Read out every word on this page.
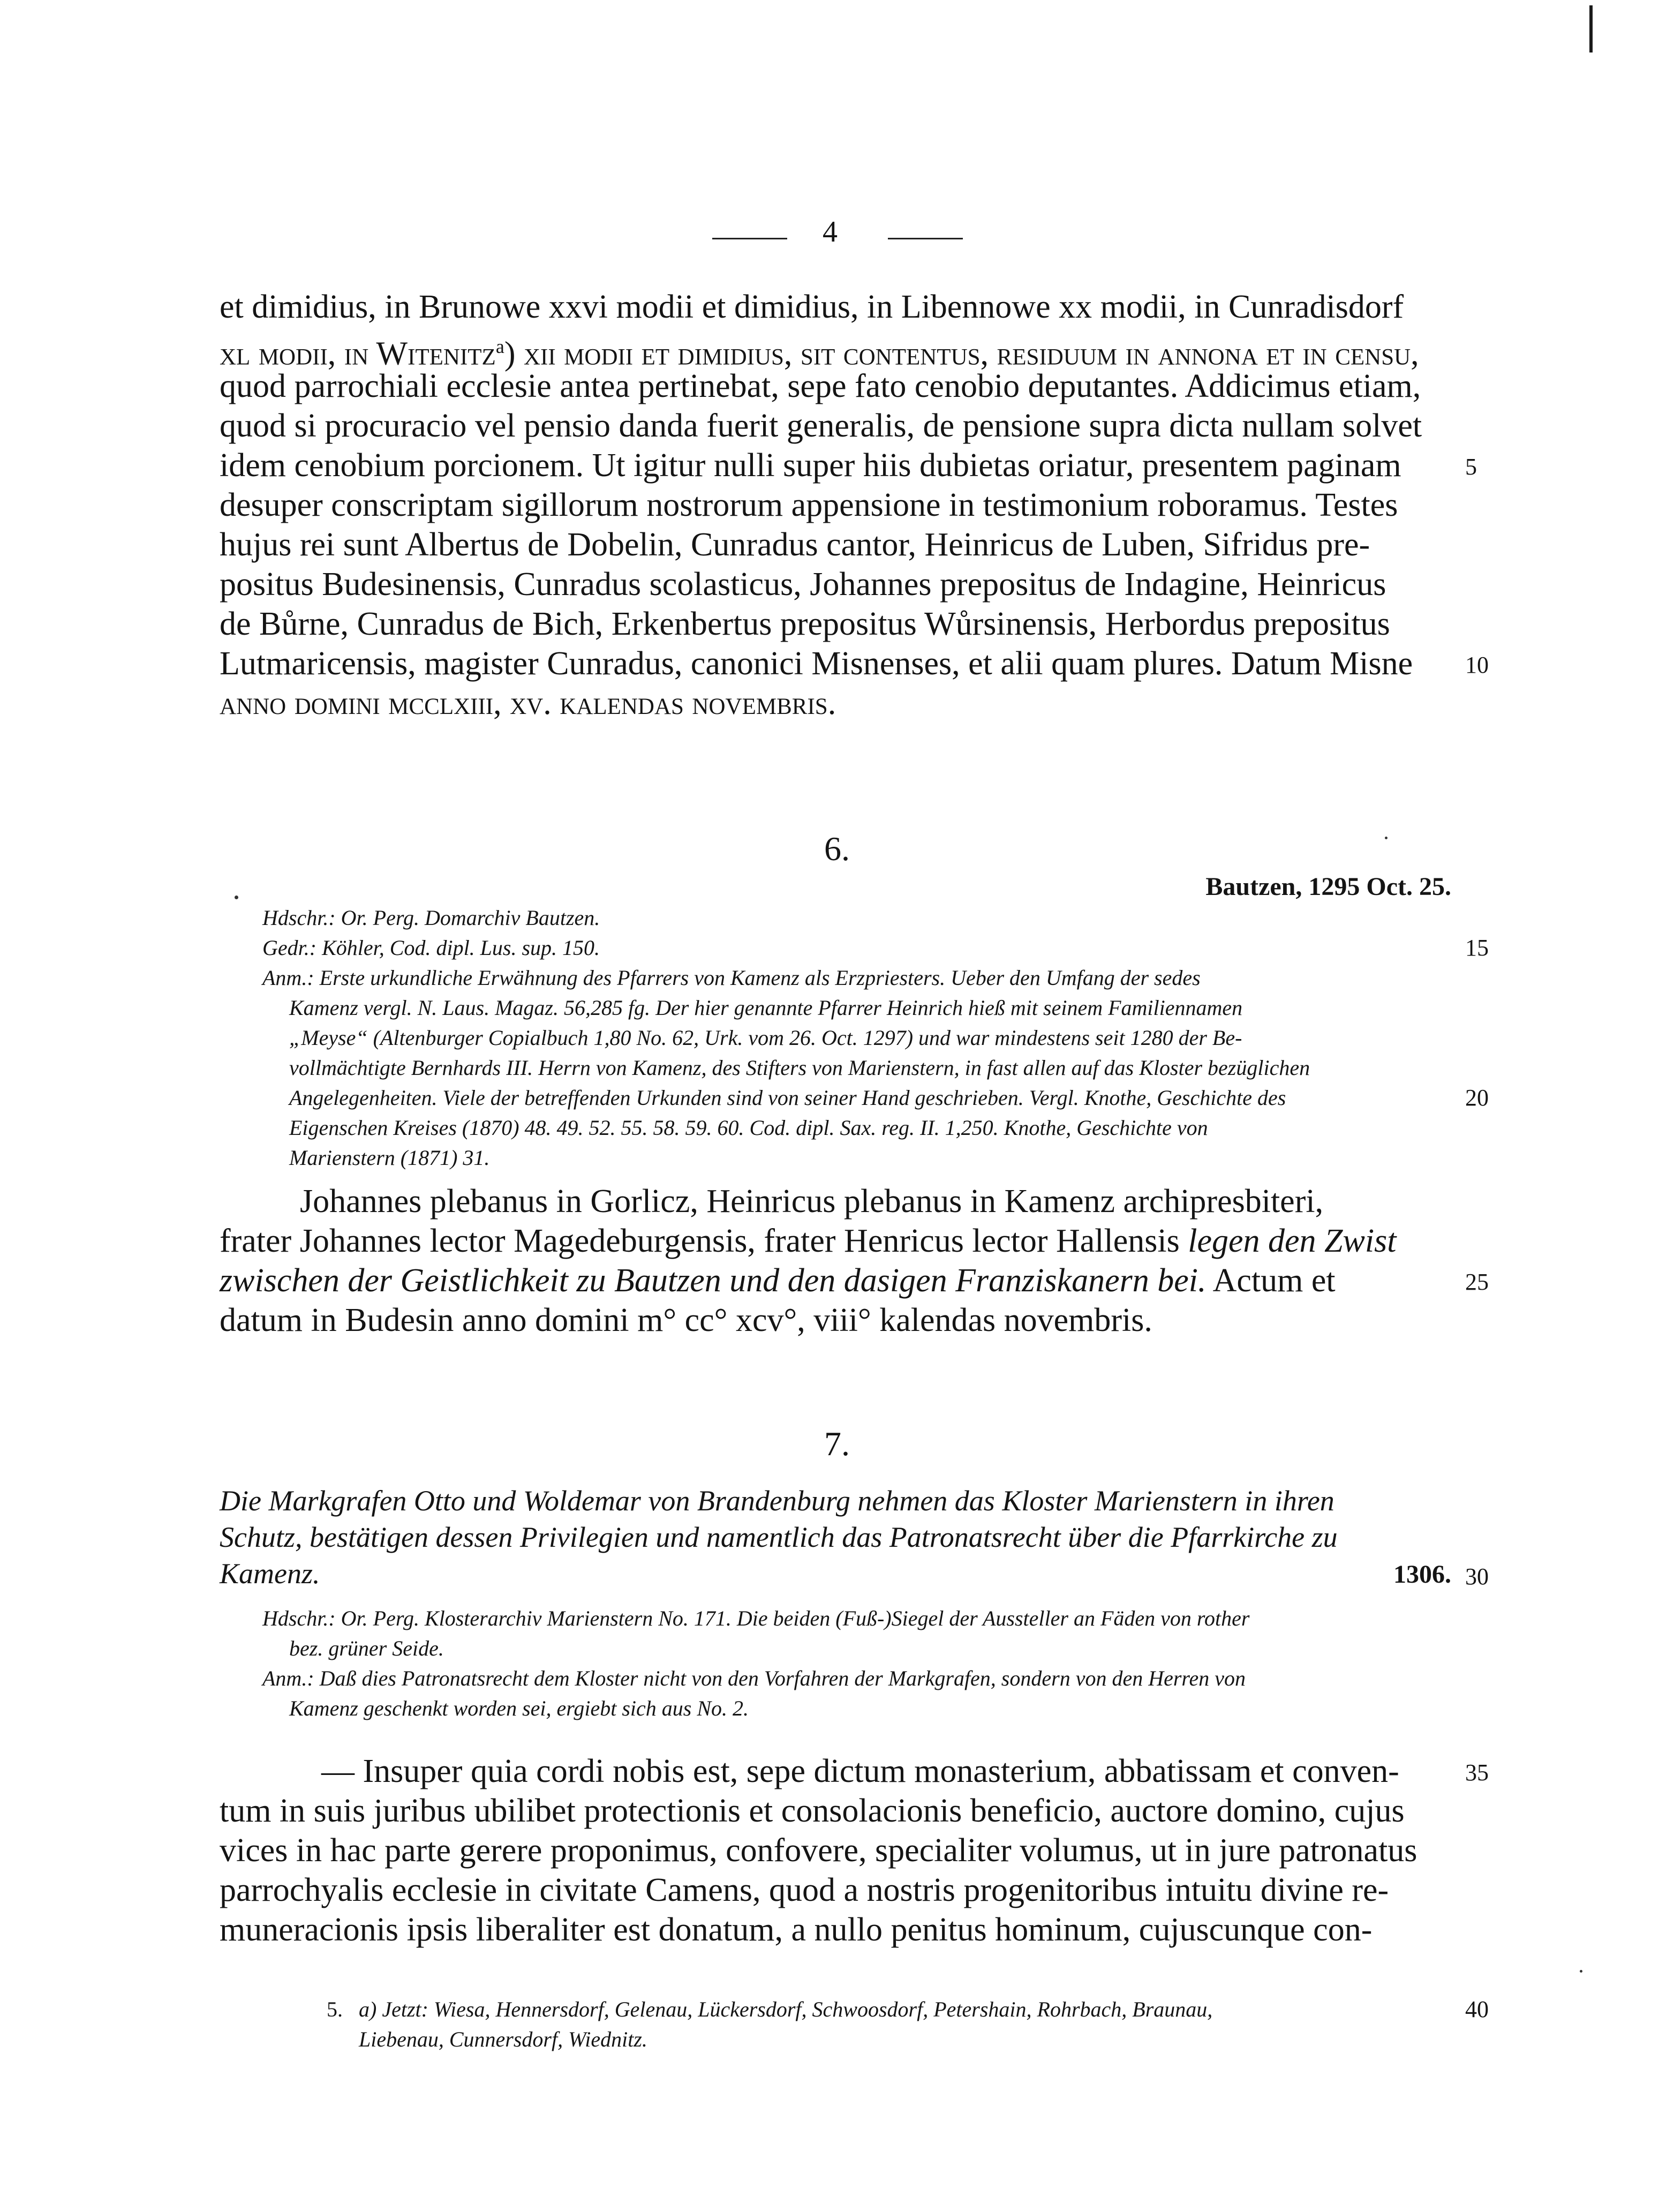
4
et dimidius, in Brunowe xxvi modii et dimidius, in Libennowe xx modii, in Cunradisdorf
xl modii, in Witenitz$^a$) xii modii et dimidius, sit contentus, residuum in annona et in censu,
quod parrochiali ecclesie antea pertinebat, sepe fato cenobio deputantes. Addicimus etiam,
quod si procuracio vel pensio danda fuerit generalis, de pensione supra dicta nullam solvet
idem cenobium porcionem. Ut igitur nulli super hiis dubietas oriatur, presentem paginam
desuper conscriptam sigillorum nostrorum appensione in testimonium roboramus. Testes
hujus rei sunt Albertus de Dobelin, Cunradus cantor, Heinricus de Luben, Sifridus pre-
positus Budesinensis, Cunradus scolasticus, Johannes prepositus de Indagine, Heinricus
de Bůrne, Cunradus de Bich, Erkenbertus prepositus Wůrsinensis, Herbordus prepositus
Lutmaricensis, magister Cunradus, canonici Misnenses, et alii quam plures. Datum Misne
anno domini mcclxiii, xv. kalendas novembris.
6.
Bautzen, 1295 Oct. 25.
Hdschr.: Or. Perg. Domarchiv Bautzen.
Gedr.: Köhler, Cod. dipl. Lus. sup. 150.
Anm.: Erste urkundliche Erwähnung des Pfarrers von Kamenz als Erzpriesters. Ueber den Umfang der sedes
Kamenz vergl. N. Laus. Magaz. 56,285 fg. Der hier genannte Pfarrer Heinrich hieß mit seinem Familiennamen
„Meyse“ (Altenburger Copialbuch 1,80 No. 62, Urk. vom 26. Oct. 1297) und war mindestens seit 1280 der Be-
vollmächtigte Bernhards III. Herrn von Kamenz, des Stifters von Marienstern, in fast allen auf das Kloster bezüglichen
Angelegenheiten. Viele der betreffenden Urkunden sind von seiner Hand geschrieben. Vergl. Knothe, Geschichte des
Eigenschen Kreises (1870) 48. 49. 52. 55. 58. 59. 60. Cod. dipl. Sax. reg. II. 1,250. Knothe, Geschichte von
Marienstern (1871) 31.
Johannes plebanus in Gorlicz, Heinricus plebanus in Kamenz archipresbiteri,
frater Johannes lector Magedeburgensis, frater Henricus lector Hallensis legen den Zwist
zwischen der Geistlichkeit zu Bautzen und den dasigen Franziskanern bei. Actum et
datum in Budesin anno domini m° cc° xcv°, viii° kalendas novembris.
7.
Die Markgrafen Otto und Woldemar von Brandenburg nehmen das Kloster Marienstern in ihren
Schutz, bestätigen dessen Privilegien und namentlich das Patronatsrecht über die Pfarrkirche zu
Kamenz.	1306.
Hdschr.: Or. Perg. Klosterarchiv Marienstern No. 171. Die beiden (Fuß-)Siegel der Aussteller an Fäden von rother
bez. grüner Seide.
Anm.: Daß dies Patronatsrecht dem Kloster nicht von den Vorfahren der Markgrafen, sondern von den Herren von
Kamenz geschenkt worden sei, ergiebt sich aus No. 2.
— Insuper quia cordi nobis est, sepe dictum monasterium, abbatissam et conven-
tum in suis juribus ubilibet protectionis et consolacionis beneficio, auctore domino, cujus
vices in hac parte gerere proponimus, confovere, specialiter volumus, ut in jure patronatus
parrochyalis ecclesie in civitate Camens, quod a nostris progenitoribus intuitu divine re-
muneracionis ipsis liberaliter est donatum, a nullo penitus hominum, cujuscunque con-
5. a) Jetzt: Wiesa, Hennersdorf, Gelenau, Lückersdorf, Schwoosdorf, Petershain, Rohrbach, Braunau,
Liebenau, Cunnersdorf, Wiednitz.
5
10
15
20
25
30
35
40
